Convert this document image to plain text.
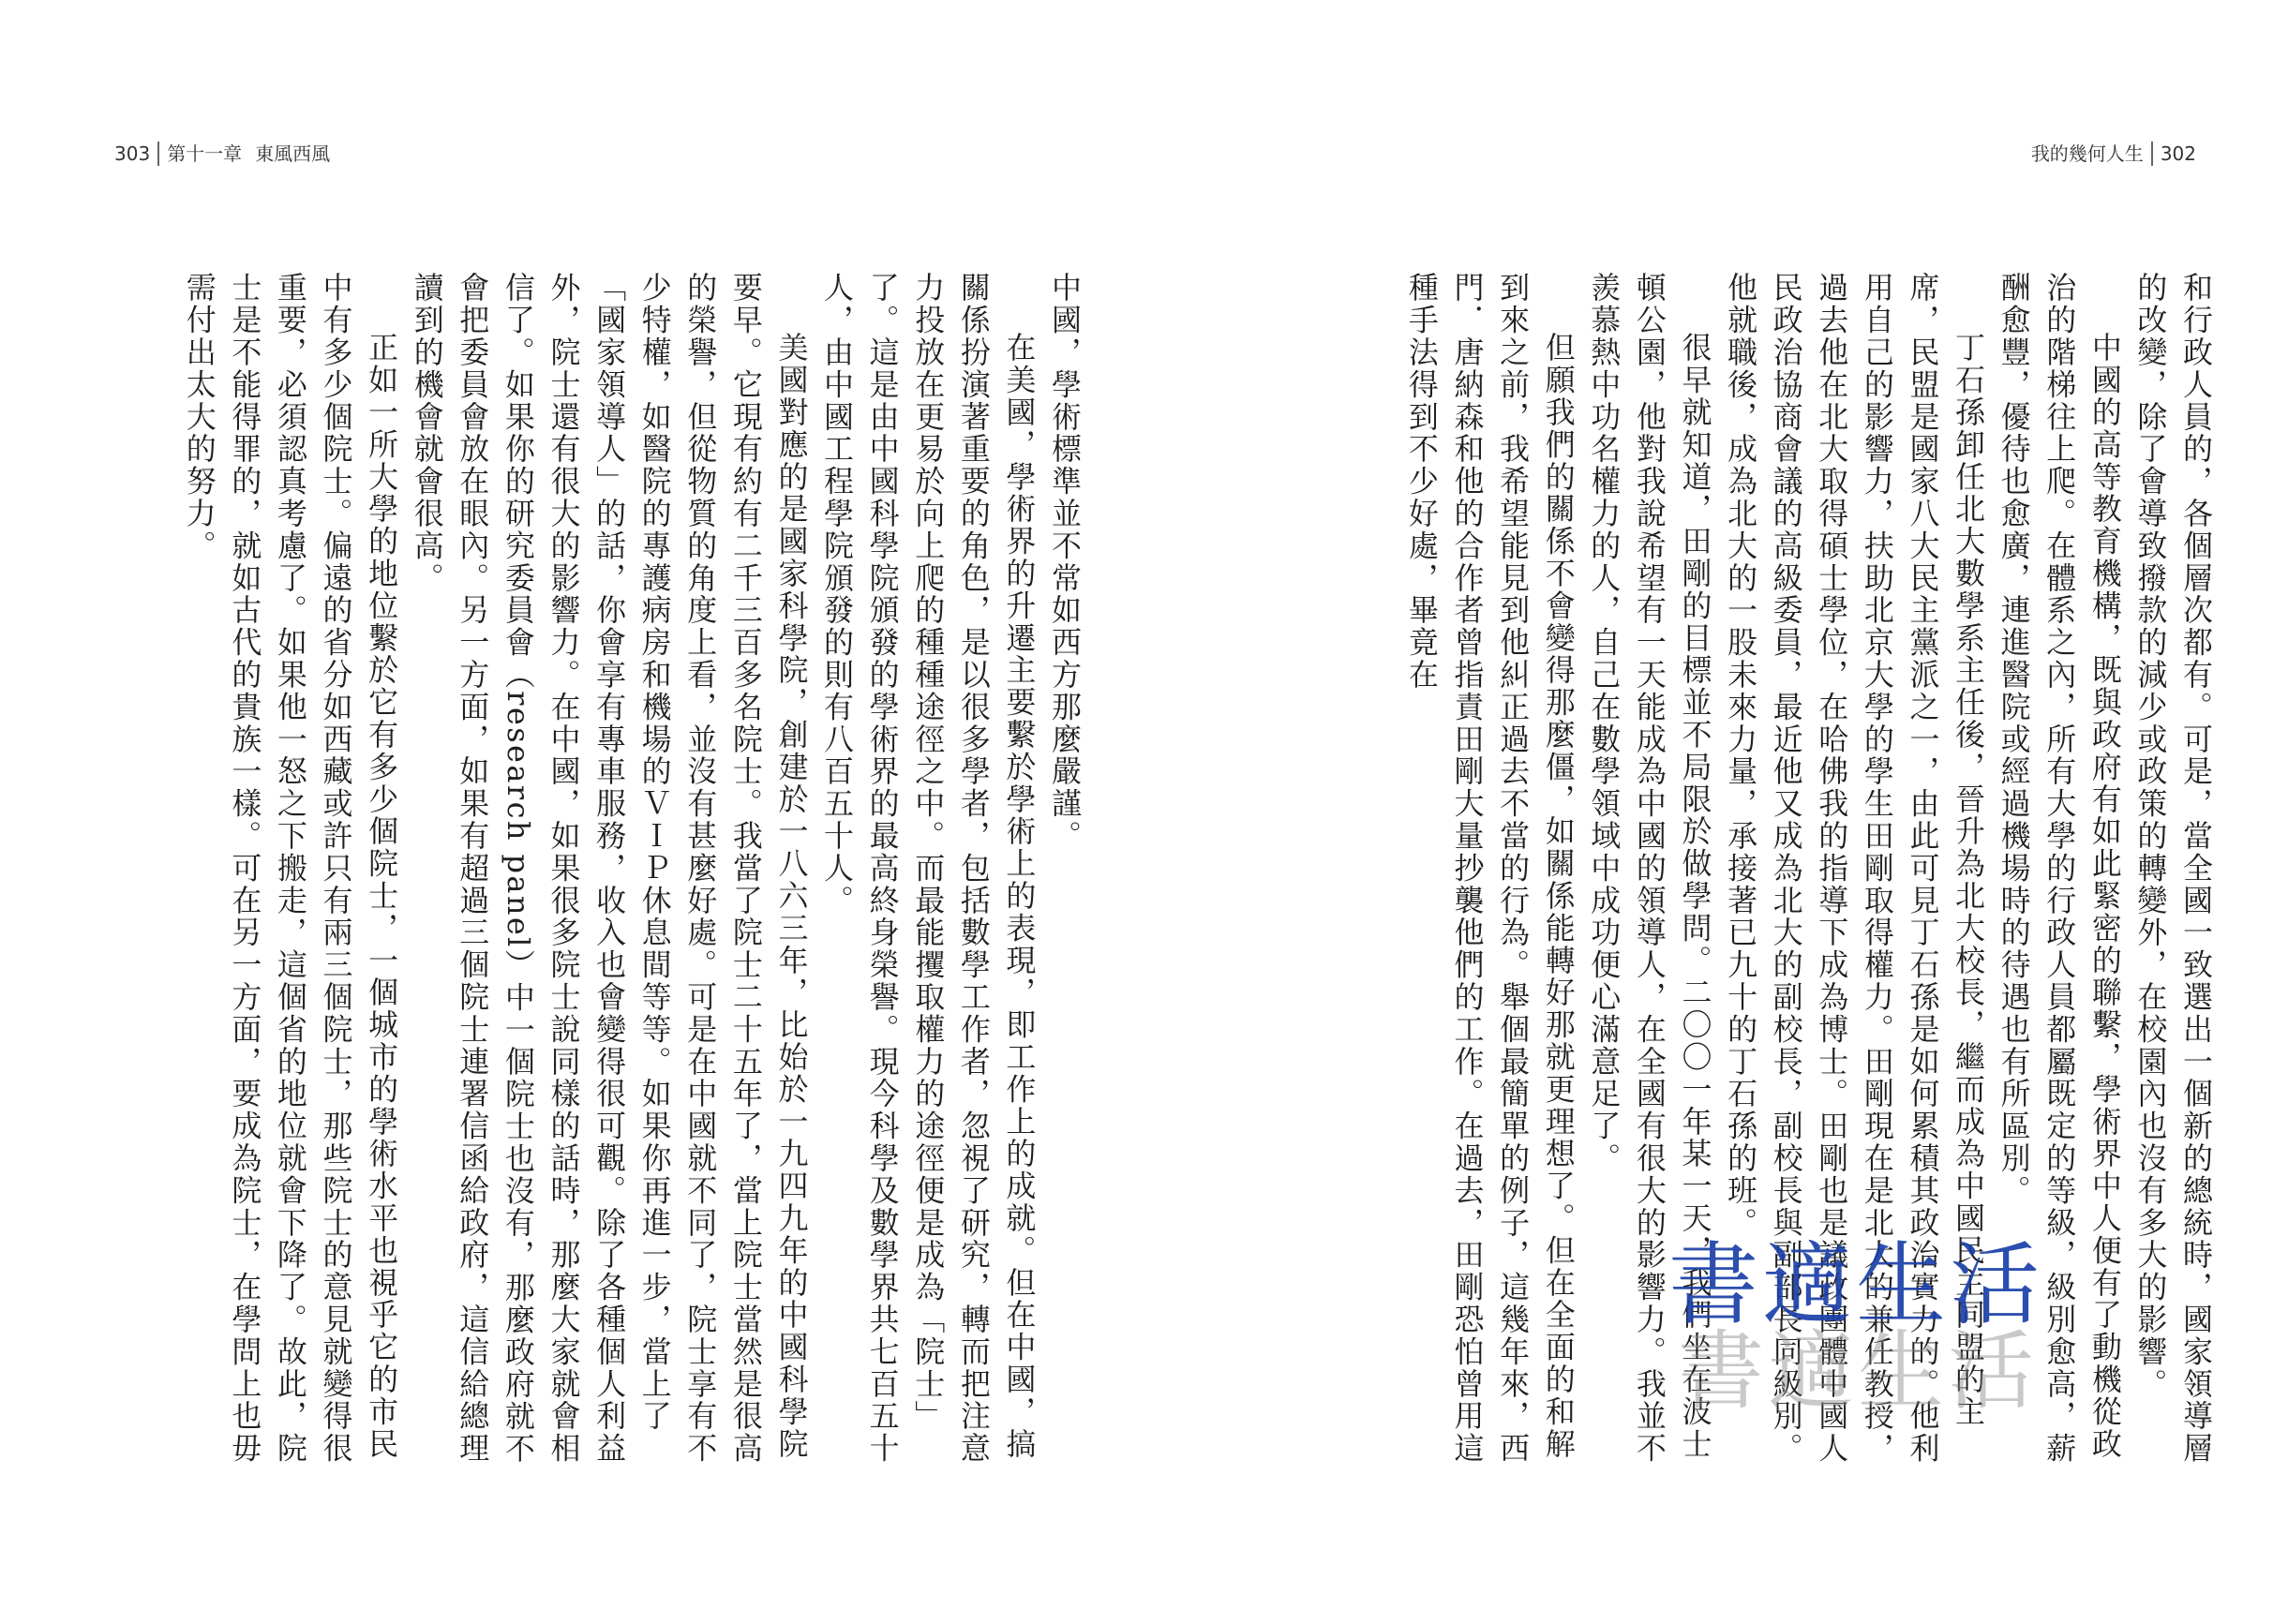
303 第十一章 東風西風

中國，學術標準並不常如西方那麼嚴謹。

在美國，學術界的升遷主要繫於學術上的表現，即工作上的成就。但在中國，搞關係扮演著重要的角色，是以很多學者，包括數學工作者，忽視了研究，轉而把注意力投放在更易於向上爬的種種途徑之中。而最能攫取權力的途徑便是成為「院士」了。這是由中國科學院頒發的學術界的最高終身榮譽。現今科學及數學界共七百五十人，由中國工程學院頒發的則有八百五十人。

美國對應的是國家科學院，創建於一八六三年，比始於一九四九年的中國科學院要早。它現有約有二千三百多名院士。我當了院士二十五年了，當上院士當然是很高的榮譽，但從物質的角度上看，並沒有甚麼好處。可是在中國就不同了，院士享有不少特權，如醫院的專護病房和機場的ＶＩＰ休息間等等。如果你再進一步，當上了「國家領導人」的話，你會享有專車服務，收入也會變得很可觀。除了各種個人利益外，院士還有很大的影響力。在中國，如果很多院士說同樣的話時，那麼大家就會相信了。如果你的研究委員會（research panel）中一個院士也沒有，那麼政府就不會把委員會放在眼內。另一方面，如果有超過三個院士連署信函給政府，這信給總理讀到的機會就會很高。

正如一所大學的地位繫於它有多少個院士，一個城市的學術水平也視乎它的市民中有多少個院士。偏遠的省分如西藏或許只有兩三個院士，那些院士的意見就變得很重要，必須認真考慮了。如果他一怒之下搬走，這個省的地位就會下降了。故此，院士是不能得罪的，就如古代的貴族一樣。可在另一方面，要成為院士，在學問上也毋需付出太大的努力。

我的幾何人生 302

和行政人員的，各個層次都有。可是，當全國一致選出一個新的總統時，國家領導層的改變，除了會導致撥款的減少或政策的轉變外，在校園內也沒有多大的影響。

中國的高等教育機構，既與政府有如此緊密的聯繫，學術界中人便有了動機從政治的階梯往上爬。在體系之內，所有大學的行政人員都屬既定的等級，級別愈高，薪酬愈豐，優待也愈廣，連進醫院或經過機場時的待遇也有所區別。

丁石孫卸任北大數學系主任後，晉升為北大校長，繼而成為中國民主同盟的主席，民盟是國家八大民主黨派之一，由此可見丁石孫是如何累積其政治實力的。他利用自己的影響力，扶助北京大學的學生田剛取得權力。田剛現在是北大的兼任教授，過去他在北大取得碩士學位，在哈佛我的指導下成為博士。田剛也是議政團體中國人民政治協商會議的高級委員，最近他又成為北大的副校長，副校長與副部長同級別。他就職後，成為北大的一股未來力量，承接著已九十的丁石孫的班。

很早就知道，田剛的目標並不局限於做學問。二〇〇一年某一天，我們坐在波士頓公園，他對我說希望有一天能成為中國的領導人，在全國有很大的影響力。我並不羨慕熱中功名權力的人，自己在數學領域中成功便心滿意足了。

但願我們的關係不會變得那麼僵，如關係能轉好那就更理想了。但在全面的和解到來之前，我希望能見到他糾正過去不當的行為。舉個最簡單的例子，這幾年來，西門．唐納森和他的合作者曾指責田剛大量抄襲他們的工作。在過去，田剛恐怕曾用這種手法得到不少好處，畢竟在

書適生活
書適生活
